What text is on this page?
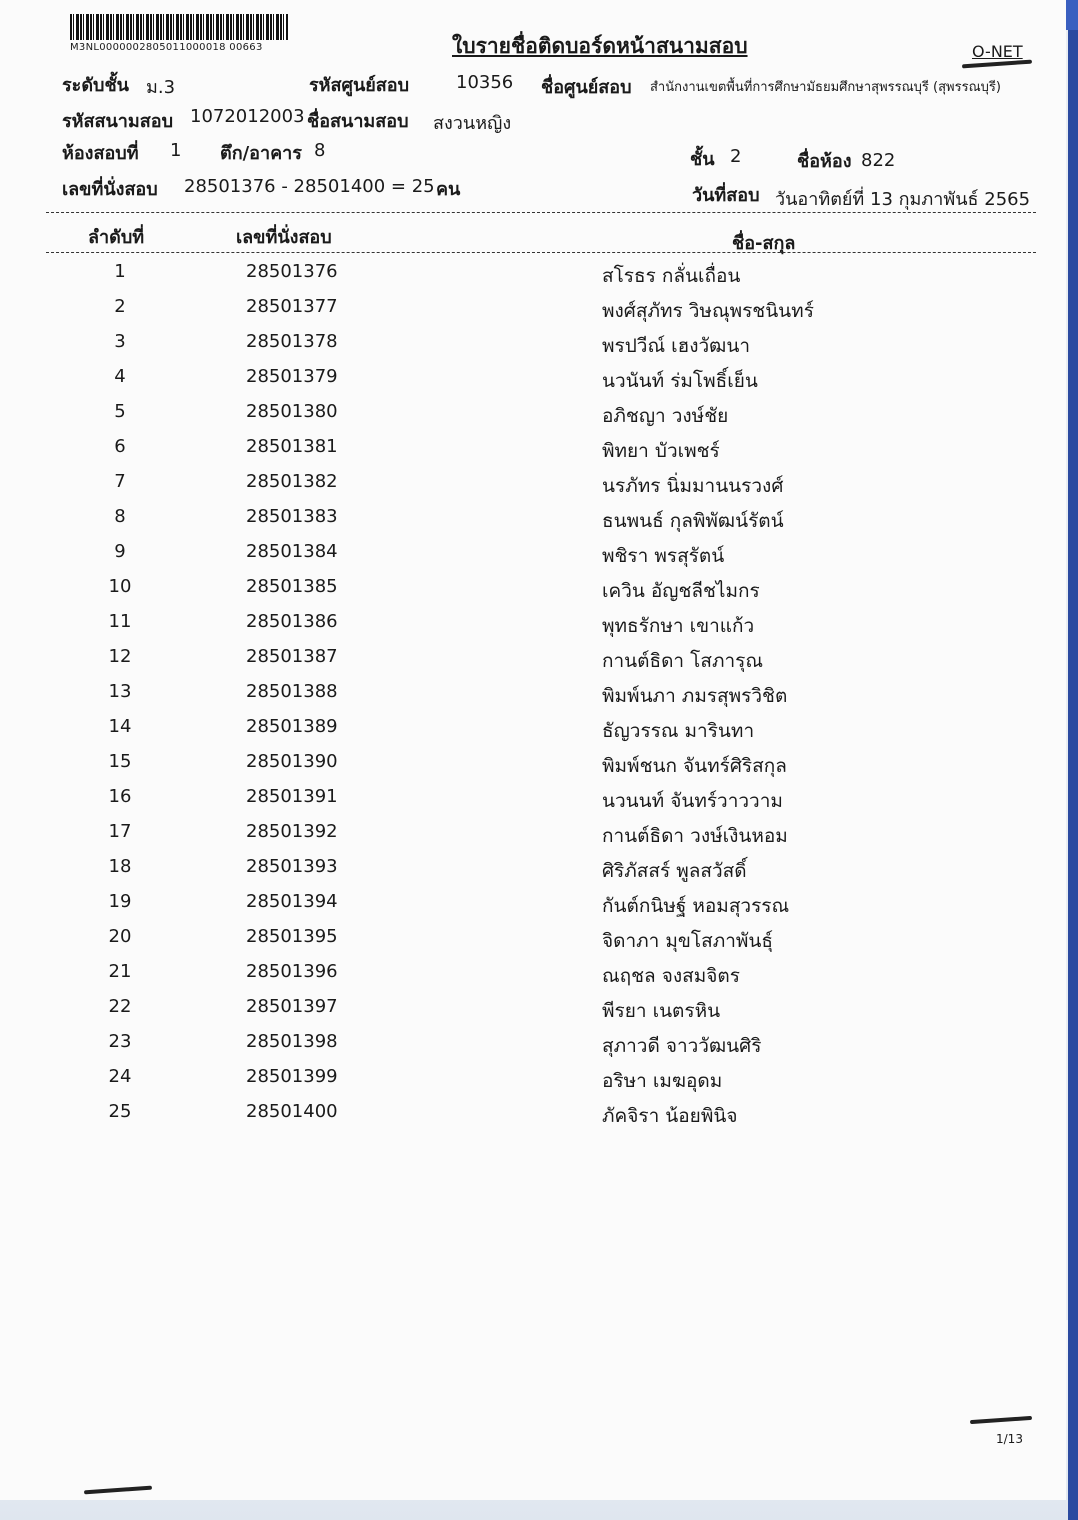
M3NL0000002805011000018 00663	ใบรายชื่อติดบอร์ดหน้าสนามสอบ	O-NET
ระดับชั้น ม.3	รหัสศูนย์สอบ	10356 ชื่อศูนย์สอบ สำนักงานเขตพื้นที่การศึกษามัธยมศึกษาสุพรรณบุรี (สุพรรณบุรี)
รหัสสนามสอบ 1072012003 ชื่อสนามสอบ สงวนหญิง
ห้องสอบที่ 1 ตึก/อาคาร 8	ชั้น 2	ชื่อห้อง 822
เลขที่นั่งสอบ 28501376 - 28501400 = 25 คน	วันที่สอบ วันอาทิตย์ที่ 13 กุมภาพันธ์ 2565
ลำดับที่	เลขที่นั่งสอบ	ชื่อ-สกุล
1	28501376	สโรธร กลั่นเถื่อน
2	28501377	พงศ์สุภัทร วิษณุพรชนินทร์
3	28501378	พรปวีณ์ เฮงวัฒนา
4	28501379	นวนันท์ ร่มโพธิ์เย็น
5	28501380	อภิชญา วงษ์ชัย
6	28501381	พิทยา บัวเพชร์
7	28501382	นรภัทร นิ่มมานนรวงศ์
8	28501383	ธนพนธ์ กุลพิพัฒน์รัตน์
9	28501384	พชิรา พรสุรัตน์
10	28501385	เควิน อัญชลีชไมกร
11	28501386	พุทธรักษา เขาแก้ว
12	28501387	กานต์ธิดา โสภารุณ
13	28501388	พิมพ์นภา ภมรสุพรวิชิต
14	28501389	ธัญวรรณ มารินทา
15	28501390	พิมพ์ชนก จันทร์ศิริสกุล
16	28501391	นวนนท์ จันทร์วาววาม
17	28501392	กานต์ธิดา วงษ์เงินหอม
18	28501393	ศิริภัสสร์ พูลสวัสดิ์
19	28501394	กันต์กนิษฐ์ หอมสุวรรณ
20	28501395	จิดาภา มุขโสภาพันธุ์
21	28501396	ณฤชล จงสมจิตร
22	28501397	พีรยา เนตรหิน
23	28501398	สุภาวดี จาววัฒนศิริ
24	28501399	อริษา เมฆอุดม
25	28501400	ภัคจิรา น้อยพินิจ
1/13
